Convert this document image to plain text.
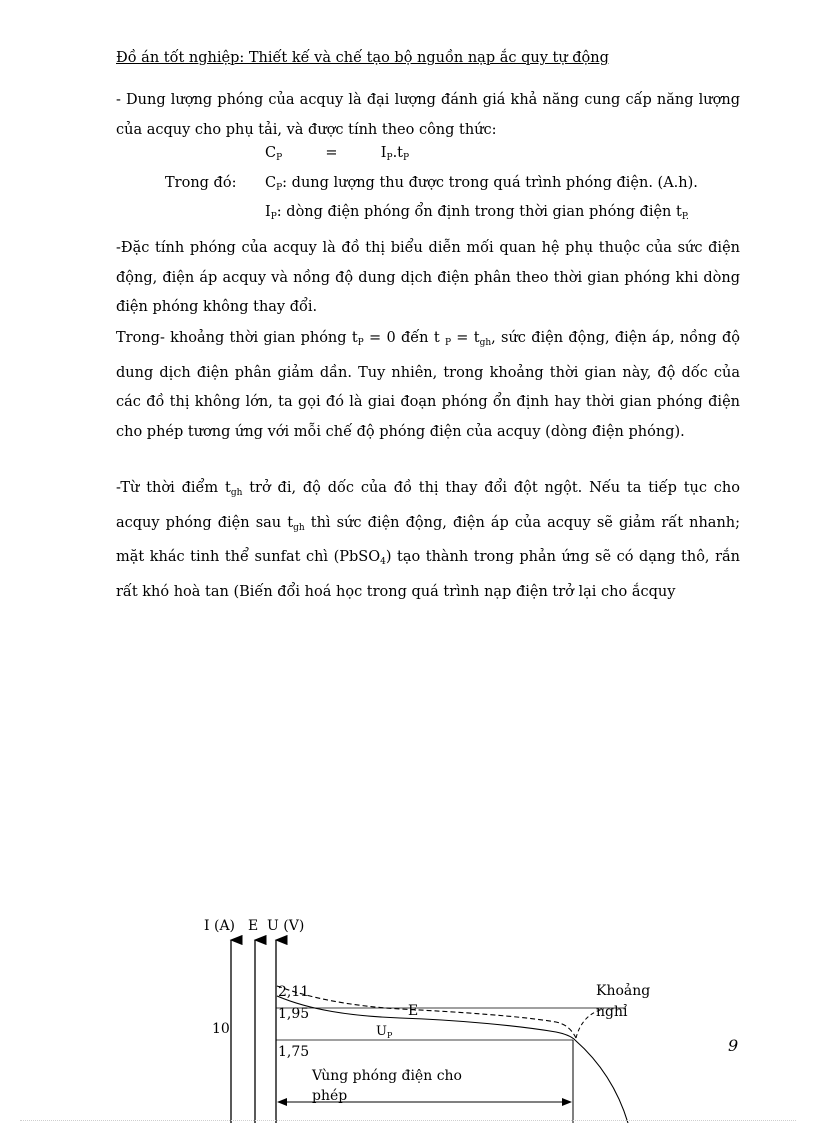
Đồ án tốt nghiệp: Thiết kế và chế tạo bộ nguồn nạp ắc quy tự động
- Dung lượng phóng của acquy là đại lượng đánh giá khả năng cung cấp năng lượng của acquy cho phụ tải, và được tính theo công thức:
$C_P$	=	$I_P.t_P$
Trong đó: $C_P$: dung lượng thu được trong quá trình phóng điện. (A.h).
$I_P$: dòng điện phóng ổn định trong thời gian phóng điện $t_{P.}$
-Đặc tính phóng của acquy là đồ thị biểu diễn mối quan hệ phụ thuộc của sức điện động, điện áp acquy và nồng độ dung dịch điện phân theo thời gian phóng khi dòng điện phóng không thay đổi.
Trong- khoảng thời gian phóng $t_P = 0$ đến t $_P = t_{gh}$, sức điện động, điện áp, nồng độ dung dịch điện phân giảm dần. Tuy nhiên, trong khoảng thời gian này, độ dốc của các đồ thị không lớn, ta gọi đó là giai đoạn phóng ổn định hay thời gian phóng điện cho phép tương ứng với mỗi chế độ phóng điện của acquy (dòng điện phóng).
-Từ thời điểm $t_{gh}$ trở đi, độ dốc của đồ thị thay đổi đột ngột. Nếu ta tiếp tục cho acquy phóng điện sau $t_{gh}$ thì sức điện động, điện áp của acquy sẽ giảm rất nhanh; mặt khác tinh thể sunfat chì (PbSO$_4$) tạo thành trong phản ứng sẽ có dạng thô, rắn rất khó hoà tan (Biến đổi hoá học trong quá trình nạp điện trở lại cho ắcquy
I (A) E U (V)
10
2,11
1,95
1,75
E
$U_P$
Khoảng
nghỉ
Vùng phóng điện cho
phép
9
